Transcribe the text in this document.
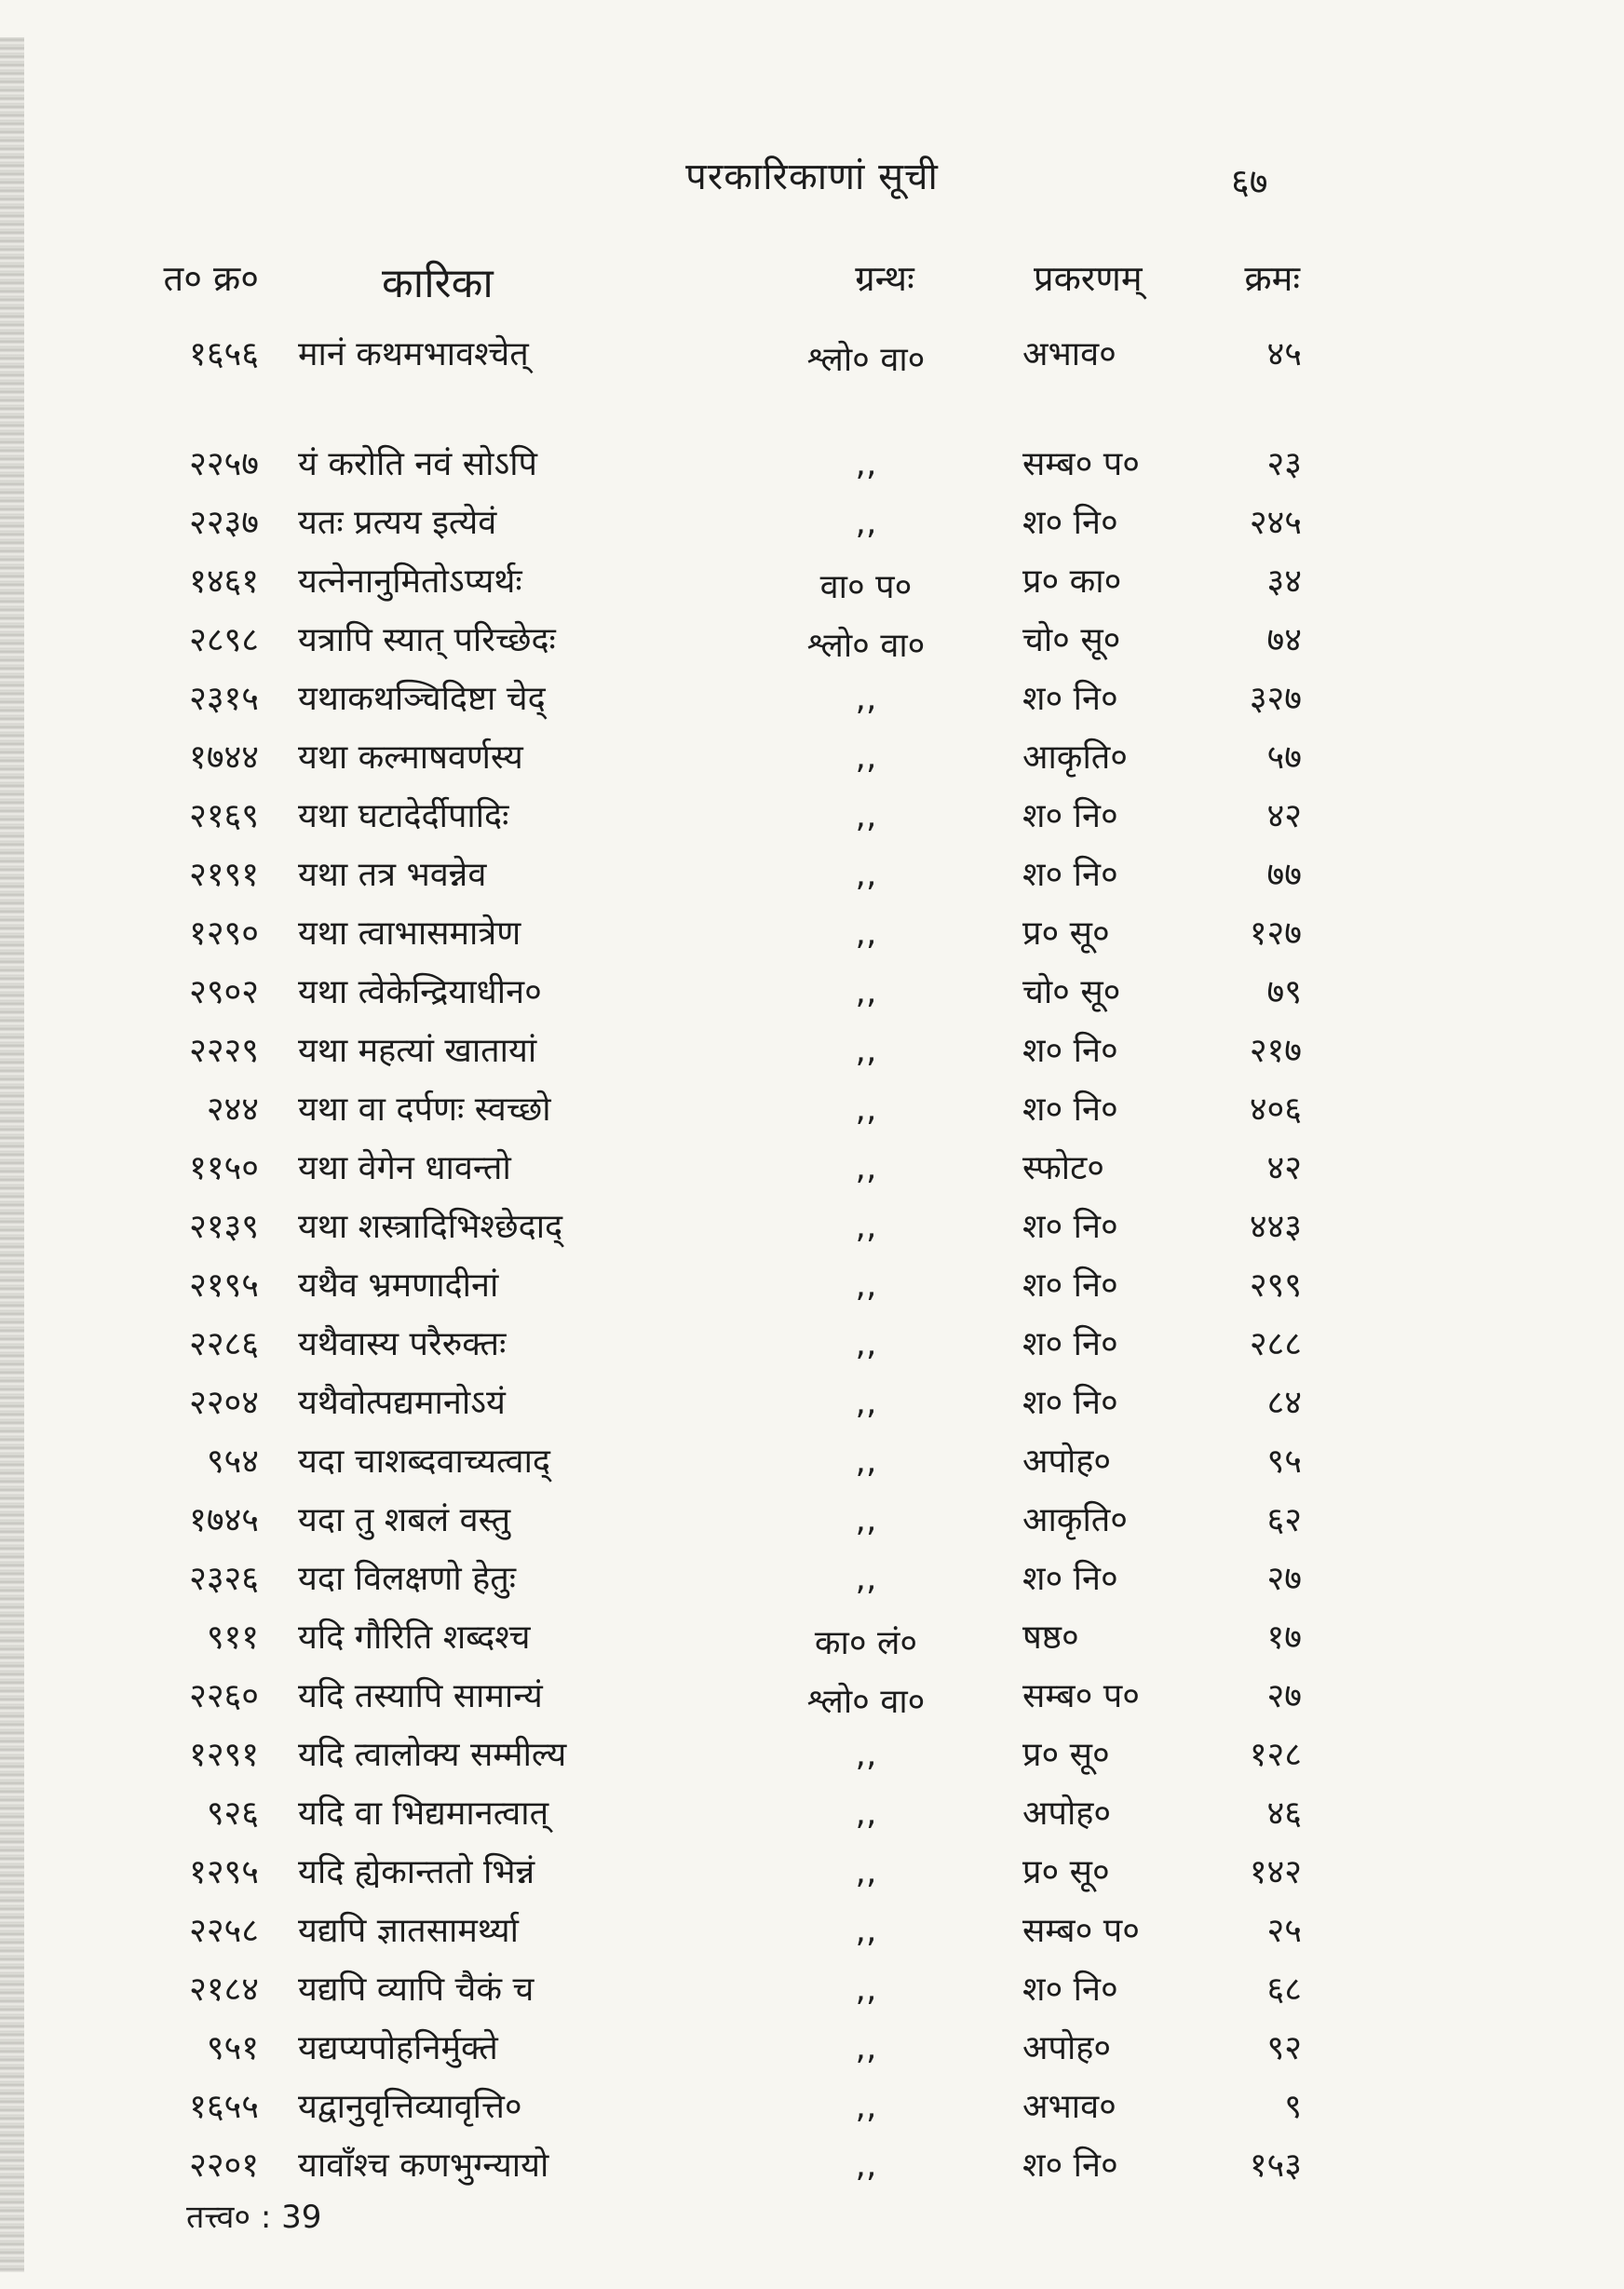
परकारिकाणां सूची	६७
त० क्र०	कारिका	ग्रन्थः	प्रकरणम्	क्रमः
१६५६ मानं कथमभावश्चेत्	श्लो० वा०	अभाव०	४५
२२५७ यं करोति नवं सोऽपि	,,	सम्ब० प०	२३
२२३७ यतः प्रत्यय इत्येवं	,,	श० नि०	२४५
१४६१ यत्नेनानुमितोऽप्यर्थः	वा० प०	प्र० का०	३४
२८९८ यत्रापि स्यात् परिच्छेदः	श्लो० वा०	चो० सू०	७४
२३१५ यथाकथञ्चिदिष्टा चेद्	,,	श० नि०	३२७
१७४४ यथा कल्माषवर्णस्य	,,	आकृति०	५७
२१६९ यथा घटादेर्दीपादिः	,,	श० नि०	४२
२१९१ यथा तत्र भवन्नेव	,,	श० नि०	७७
१२९० यथा त्वाभासमात्रेण	,,	प्र० सू०	१२७
२९०२ यथा त्वेकेन्द्रियाधीन०	,,	चो० सू०	७९
२२२९ यथा महत्यां खातायां	,,	श० नि०	२१७
२४४ यथा वा दर्पणः स्वच्छो	,,	श० नि०	४०६
११५० यथा वेगेन धावन्तो	,,	स्फोट०	४२
२१३९ यथा शस्त्रादिभिश्छेदाद्	,,	श० नि०	४४३
२१९५ यथैव भ्रमणादीनां	,,	श० नि०	२९९
२२८६ यथैवास्य परैरुक्तः	,,	श० नि०	२८८
२२०४ यथैवोत्पद्यमानोऽयं	,,	श० नि०	८४
९५४ यदा चाशब्दवाच्यत्वाद्	,,	अपोह०	९५
१७४५ यदा तु शबलं वस्तु	,,	आकृति०	६२
२३२६ यदा विलक्षणो हेतुः	,,	श० नि०	२७
९११ यदि गौरिति शब्दश्च	का० लं०	षष्ठ०	१७
२२६० यदि तस्यापि सामान्यं	श्लो० वा०	सम्ब० प०	२७
१२९१ यदि त्वालोक्य सम्मील्य	,,	प्र० सू०	१२८
९२६ यदि वा भिद्यमानत्वात्	,,	अपोह०	४६
१२९५ यदि ह्येकान्ततो भिन्नं	,,	प्र० सू०	१४२
२२५८ यद्यपि ज्ञातसामर्थ्या	,,	सम्ब० प०	२५
२१८४ यद्यपि व्यापि चैकं च	,,	श० नि०	६८
९५१ यद्यप्यपोहनिर्मुक्ते	,,	अपोह०	९२
१६५५ यद्वानुवृत्तिव्यावृत्ति०	,,	अभाव०	९
२२०१ यावाँश्च कणभुग्न्यायो	,,	श० नि०	१५३
तत्त्व० : 39
